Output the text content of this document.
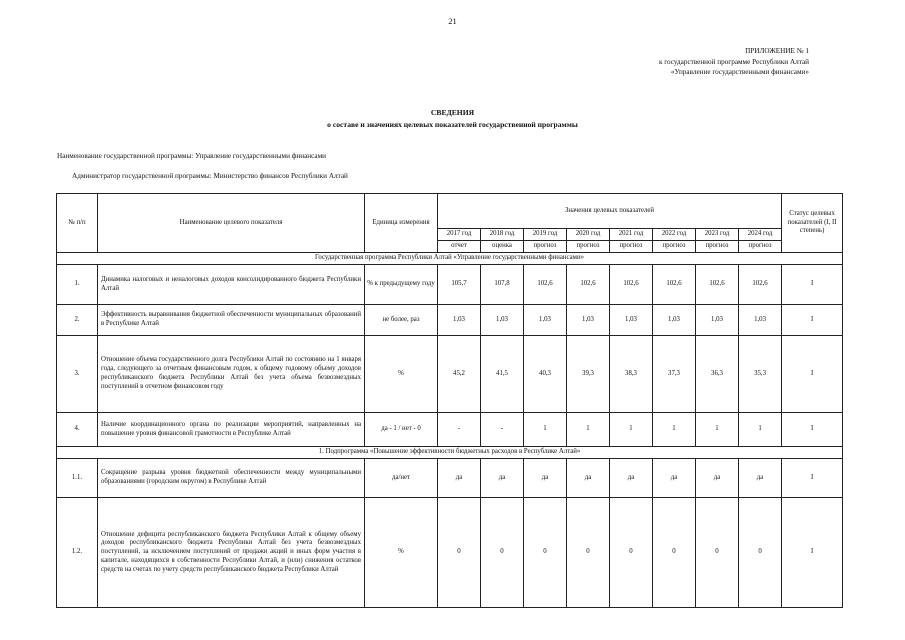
21
ПРИЛОЖЕНИЕ № 1
к государственной программе Республики Алтай
«Управление государственными финансами»
СВЕДЕНИЯ
о составе и значениях целевых показателей государственной программы
Наименование государственной программы: Управление государственными финансами
Администратор государственной программы: Министерство финансов Республики Алтай
№ п/п	Наименование целевого показателя	Единица измерения	Значения целевых показателей								Статус целевых показателей (I, II степень)
			2017 год	2018 год	2019 год	2020 год	2021 год	2022 год	2023 год	2024 год	
			отчет	оценка	прогноз	прогноз	прогноз	прогноз	прогноз	прогноз	
Государственная программа Республики Алтай «Управление государственными финансами»											
1.	Динамика налоговых и неналоговых доходов консолидированного бюджета Республики Алтай	% к предыдущему году	105,7	107,8	102,6	102,6	102,6	102,6	102,6	102,6	I
2.	Эффективность выравнивания бюджетной обеспеченности муниципальных образований в Республике Алтай	не более, раз	1,03	1,03	1,03	1,03	1,03	1,03	1,03	1,03	I
3.	Отношение объема государственного долга Республики Алтай по состоянию на 1 января года, следующего за отчетным финансовым годом, к общему годовому объему доходов республиканского бюджета Республики Алтай без учета объема безвозмездных поступлений в отчетном финансовом году	%	45,2	41,5	40,3	39,3	38,3	37,3	36,3	35,3	I
4.	Наличие координационного органа по реализации мероприятий, направленных на повышение уровня финансовой грамотности в Республике Алтай	да - 1 / нет - 0	-	-	1	1	1	1	1	1	I
1. Подпрограмма «Повышение эффективности бюджетных расходов в Республике Алтай»											
1.1.	Сокращение разрыва уровня бюджетной обеспеченности между муниципальными образованиями (городским округом) в Республике Алтай	да/нет	да	да	да	да	да	да	да	да	I
1.2.	Отношение дефицита республиканского бюджета Республики Алтай к общему объему доходов республиканского бюджета Республики Алтай без учета безвозмездных поступлений, за исключением поступлений от продажи акций и иных форм участия в капитале, находящихся в собственности Республики Алтай, и (или) снижения остатков средств на счетах по учету средств республиканского бюджета Республики Алтай	%	0	0	0	0	0	0	0	0	I
